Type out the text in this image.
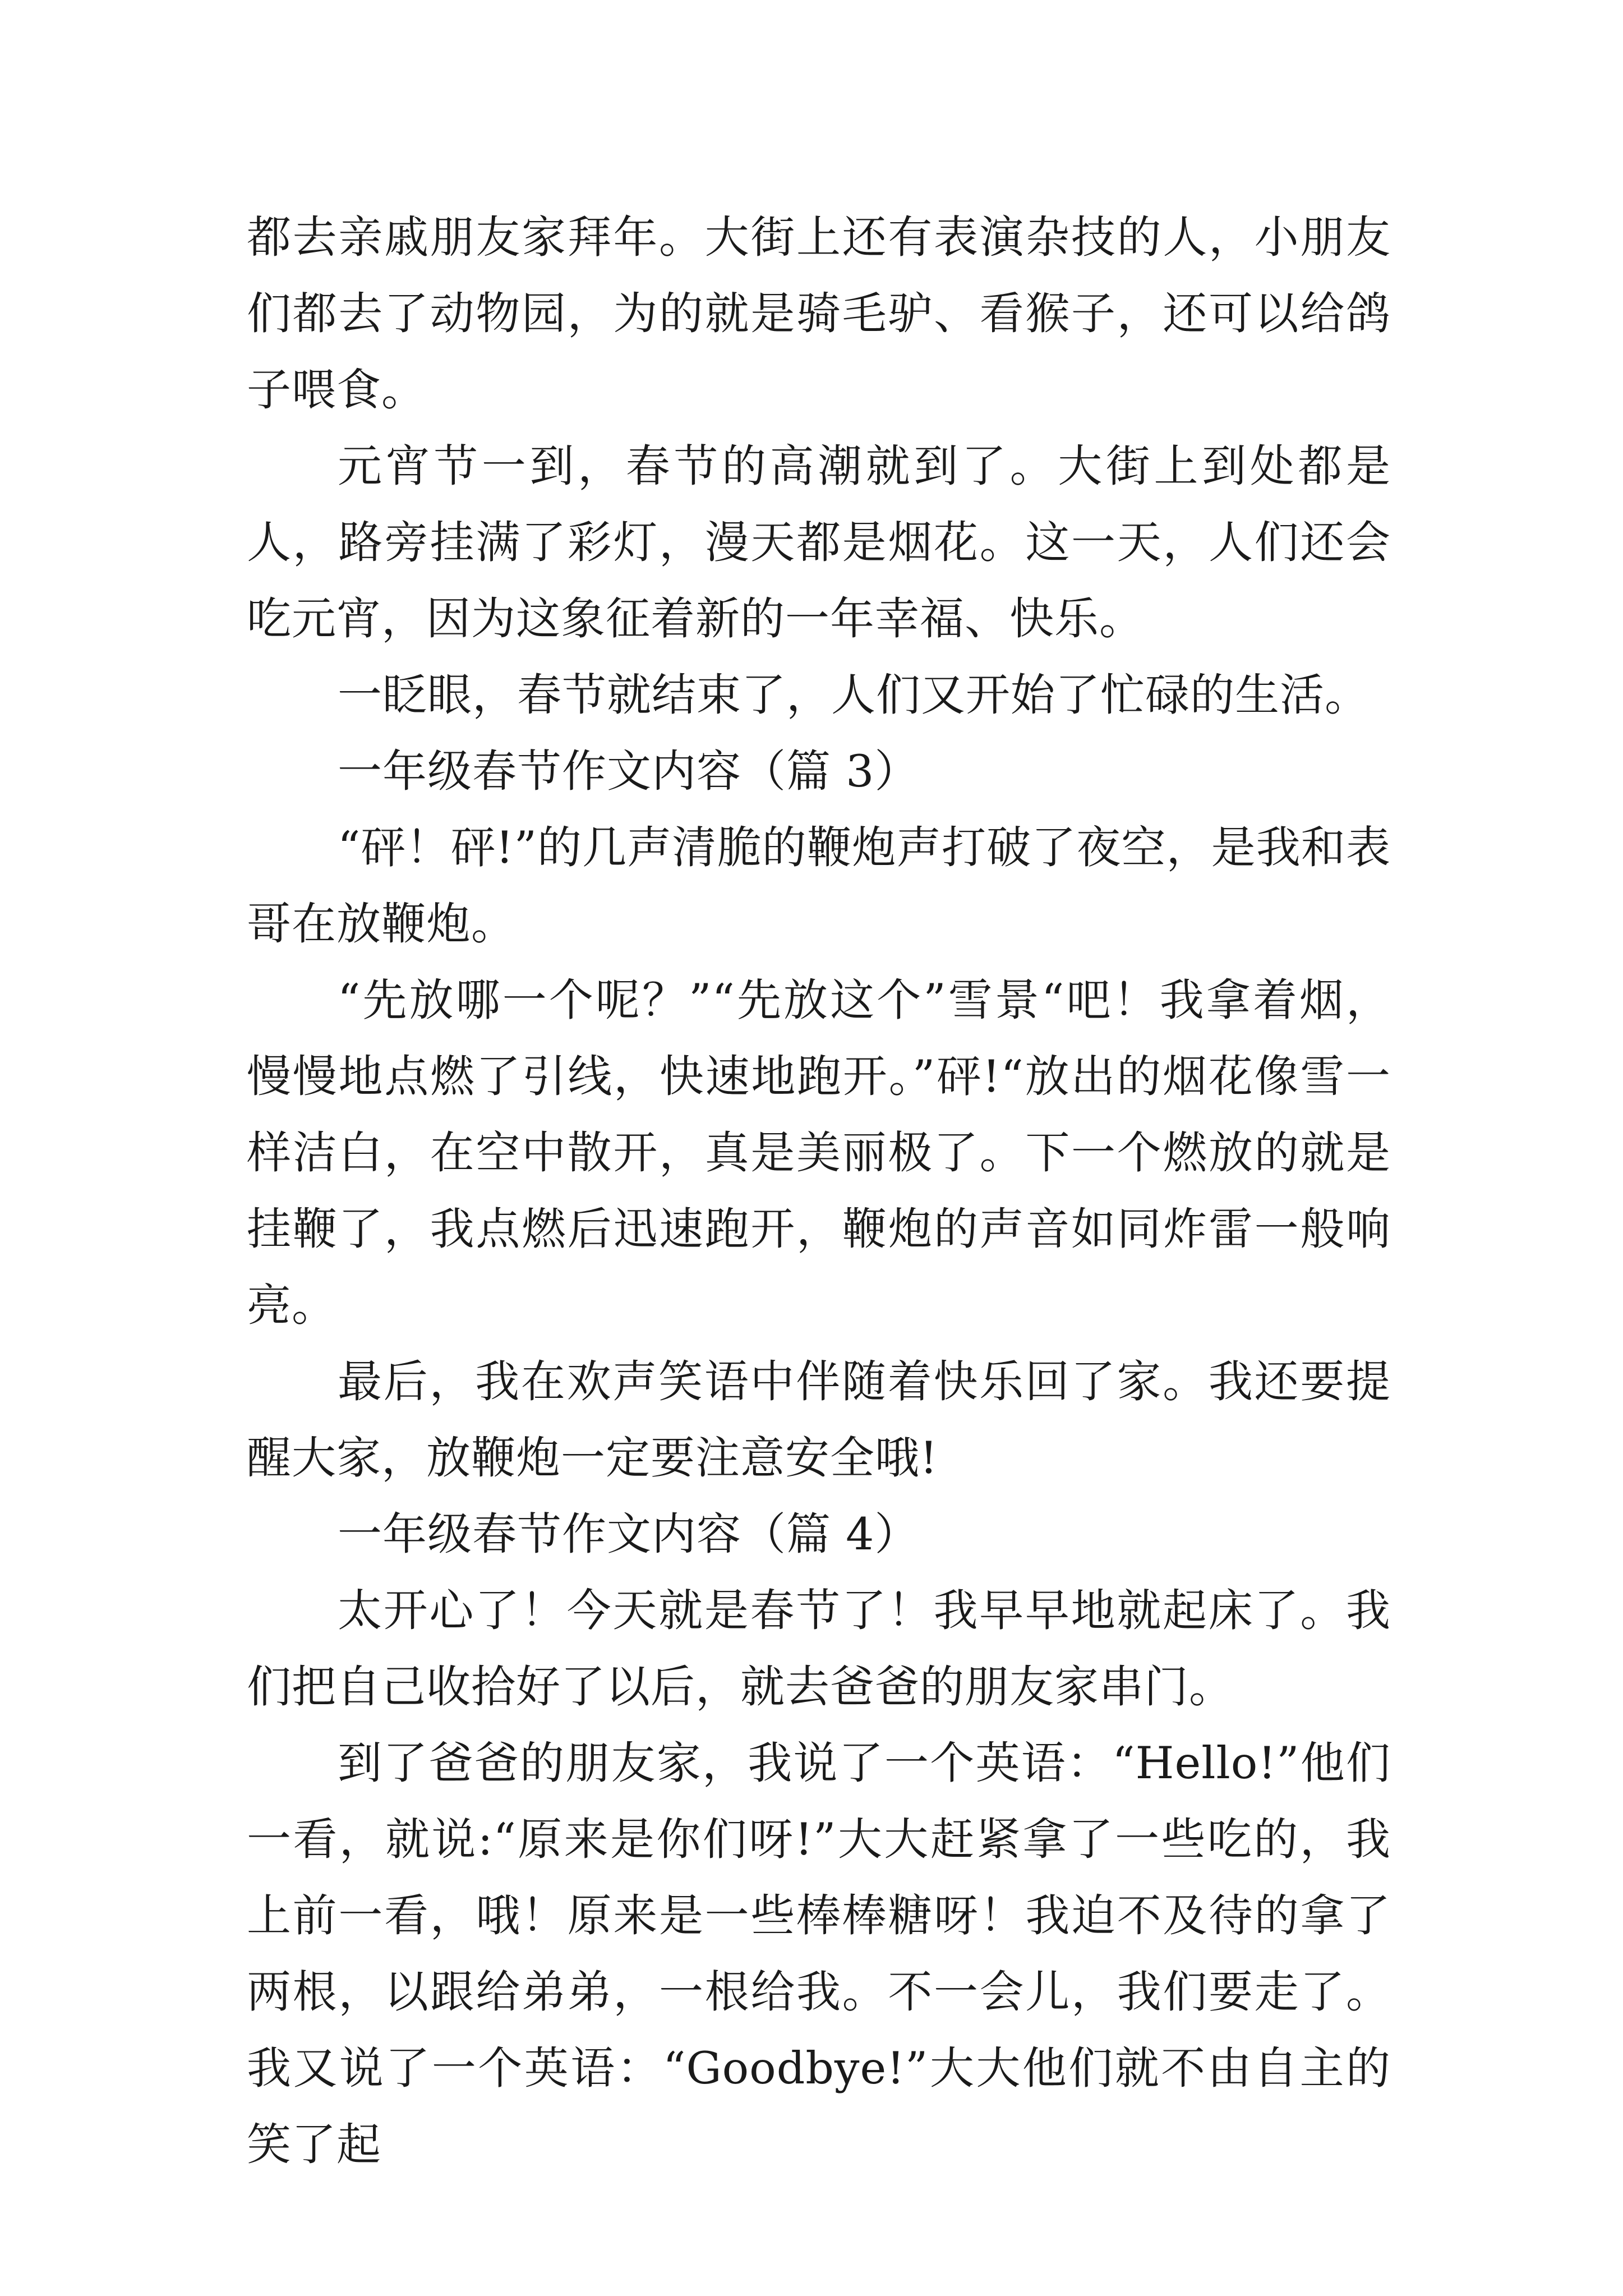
都去亲戚朋友家拜年。大街上还有表演杂技的人，小朋友们都去了动物园，为的就是骑毛驴、看猴子，还可以给鸽子喂食。

元宵节一到，春节的高潮就到了。大街上到处都是人，路旁挂满了彩灯，漫天都是烟花。这一天，人们还会吃元宵，因为这象征着新的一年幸福、快乐。

一眨眼，春节就结束了，人们又开始了忙碌的生活。

一年级春节作文内容（篇 3）

“砰！砰!”的几声清脆的鞭炮声打破了夜空，是我和表哥在放鞭炮。

“先放哪一个呢？”“先放这个”雪景“吧！我拿着烟，慢慢地点燃了引线，快速地跑开。”砰!“放出的烟花像雪一样洁白，在空中散开，真是美丽极了。下一个燃放的就是挂鞭了，我点燃后迅速跑开，鞭炮的声音如同炸雷一般响亮。

最后，我在欢声笑语中伴随着快乐回了家。我还要提醒大家，放鞭炮一定要注意安全哦!

一年级春节作文内容（篇 4）

太开心了！今天就是春节了！我早早地就起床了。我们把自己收拾好了以后，就去爸爸的朋友家串门。

到了爸爸的朋友家，我说了一个英语：“Hello!”他们一看，就说:“原来是你们呀!”大大赶紧拿了一些吃的，我上前一看，哦！原来是一些棒棒糖呀！我迫不及待的拿了两根，以跟给弟弟，一根给我。不一会儿，我们要走了。我又说了一个英语：“Goodbye!”大大他们就不由自主的笑了起
